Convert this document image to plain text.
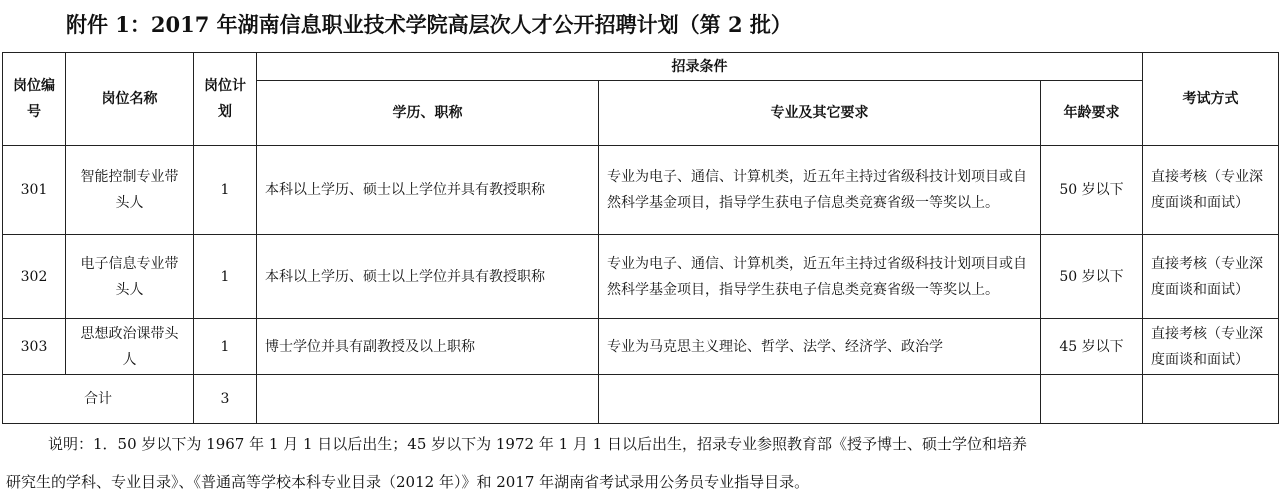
附件 1：2017 年湖南信息职业技术学院高层次人才公开招聘计划（第 2 批）
岗位编号	岗位名称	岗位计划	招录条件			考试方式
			学历、职称	专业及其它要求	年龄要求	
301	智能控制专业带头人	1	本科以上学历、硕士以上学位并具有教授职称	专业为电子、通信、计算机类，近五年主持过省级科技计划项目或自然科学基金项目，指导学生获电子信息类竞赛省级一等奖以上。	50 岁以下	直接考核（专业深度面谈和面试）
302	电子信息专业带头人	1	本科以上学历、硕士以上学位并具有教授职称	专业为电子、通信、计算机类，近五年主持过省级科技计划项目或自然科学基金项目，指导学生获电子信息类竞赛省级一等奖以上。	50 岁以下	直接考核（专业深度面谈和面试）
303	思想政治课带头人	1	博士学位并具有副教授及以上职称	专业为马克思主义理论、哲学、法学、经济学、政治学	45 岁以下	直接考核（专业深度面谈和面试）
合计		3				
说明：1．50 岁以下为 1967 年 1 月 1 日以后出生；45 岁以下为 1972 年 1 月 1 日以后出生，招录专业参照教育部《授予博士、硕士学位和培养
研究生的学科、专业目录》、《普通高等学校本科专业目录（2012 年）》和 2017 年湖南省考试录用公务员专业指导目录。
